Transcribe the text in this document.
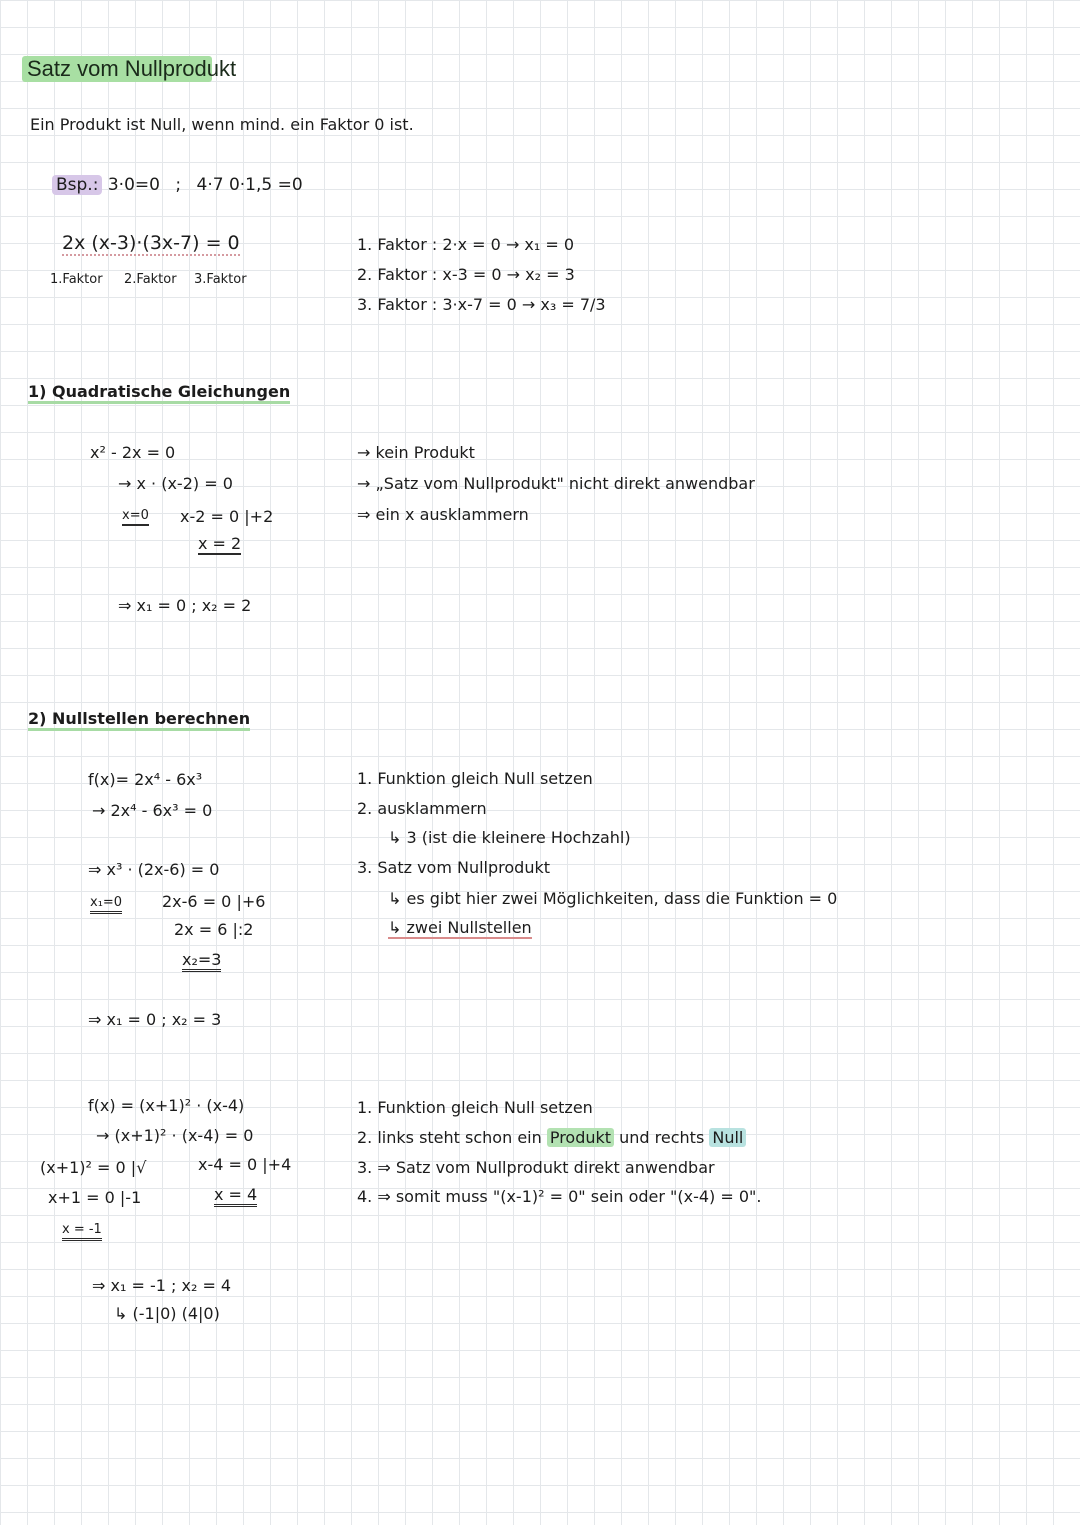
Satz vom Nullprodukt
Ein Produkt ist Null, wenn mind. ein Faktor 0 ist.
Bsp.: 3·0=0 ; 4·7 0·1,5 =0
2x (x-3)·(3x-7) = 0
1.Faktor 2.Faktor 3.Faktor
1. Faktor : 2·x = 0 → x₁ = 0
2. Faktor : x-3 = 0 → x₂ = 3
3. Faktor : 3·x-7 = 0 → x₃ = 7/3
1) Quadratische Gleichungen
x² - 2x = 0
→ x · (x-2) = 0
x=0 x-2 = 0 |+2
x = 2
⇒ x₁ = 0 ; x₂ = 2
→ kein Produkt
→ „Satz vom Nullprodukt" nicht direkt anwendbar
⇒ ein x ausklammern
2) Nullstellen berechnen
f(x)= 2x⁴ - 6x³
→ 2x⁴ - 6x³ = 0
⇒ x³ · (2x-6) = 0
x₁=0 2x-6 = 0 |+6
2x = 6 |:2
x₂=3
⇒ x₁ = 0 ; x₂ = 3
1. Funktion gleich Null setzen
2. ausklammern
↳ 3 (ist die kleinere Hochzahl)
3. Satz vom Nullprodukt
↳ es gibt hier zwei Möglichkeiten, dass die Funktion = 0
↳ zwei Nullstellen
f(x) = (x+1)² · (x-4)
→ (x+1)² · (x-4) = 0
(x+1)² = 0 |√
x+1 = 0 |-1
x = -1
x-4 = 0 |+4
x = 4
⇒ x₁ = -1 ; x₂ = 4
↳ (-1|0) (4|0)
1. Funktion gleich Null setzen
2. links steht schon ein Produkt und rechts Null
3. ⇒ Satz vom Nullprodukt direkt anwendbar
4. ⇒ somit muss "(x-1)² = 0" sein oder "(x-4) = 0".
